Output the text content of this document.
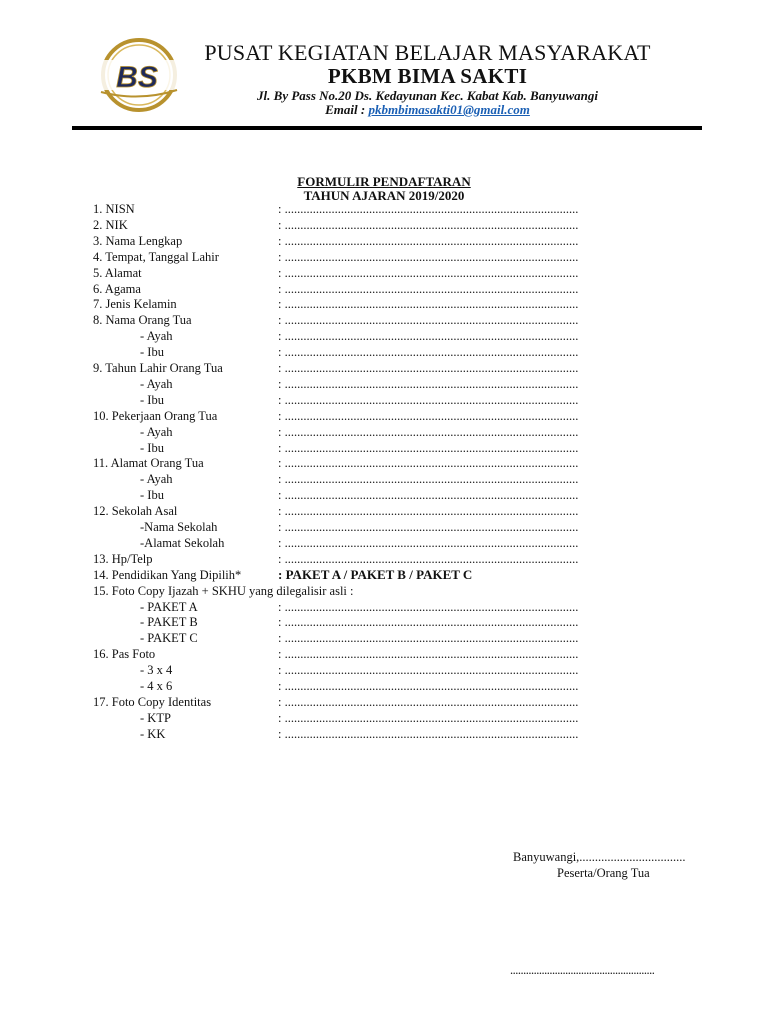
BS
PUSAT KEGIATAN BELAJAR MASYARAKAT
PKBM BIMA SAKTI
Jl. By Pass No.20 Ds. Kedayunan Kec. Kabat Kab. Banyuwangi
Email : pkbmbimasakti01@gmail.com
FORMULIR PENDAFTARAN
TAHUN AJARAN 2019/2020
1. NISN	: ..............................................................................................
2. NIK	: ..............................................................................................
3. Nama Lengkap	: ..............................................................................................
4. Tempat, Tanggal Lahir	: ..............................................................................................
5. Alamat	: ..............................................................................................
6. Agama	: ..............................................................................................
7. Jenis Kelamin	: ..............................................................................................
8. Nama Orang Tua	: ..............................................................................................
- Ayah	: ..............................................................................................
- Ibu	: ..............................................................................................
9. Tahun Lahir Orang Tua	: ..............................................................................................
- Ayah	: ..............................................................................................
- Ibu	: ..............................................................................................
10. Pekerjaan Orang Tua	: ..............................................................................................
- Ayah	: ..............................................................................................
- Ibu	: ..............................................................................................
11. Alamat Orang Tua	: ..............................................................................................
- Ayah	: ..............................................................................................
- Ibu	: ..............................................................................................
12. Sekolah Asal	: ..............................................................................................
-Nama Sekolah	: ..............................................................................................
-Alamat Sekolah	: ..............................................................................................
13. Hp/Telp	: ..............................................................................................
14. Pendidikan Yang Dipilih*	: PAKET A / PAKET B / PAKET C
15. Foto Copy Ijazah + SKHU yang dilegalisir asli :
- PAKET A	: ..............................................................................................
- PAKET B	: ..............................................................................................
- PAKET C	: ..............................................................................................
16. Pas Foto	: ..............................................................................................
- 3 x 4	: ..............................................................................................
- 4 x 6	: ..............................................................................................
17. Foto Copy Identitas	: ..............................................................................................
- KTP	: ..............................................................................................
- KK	: ..............................................................................................
Banyuwangi,..................................
Peserta/Orang Tua
.......................................................
